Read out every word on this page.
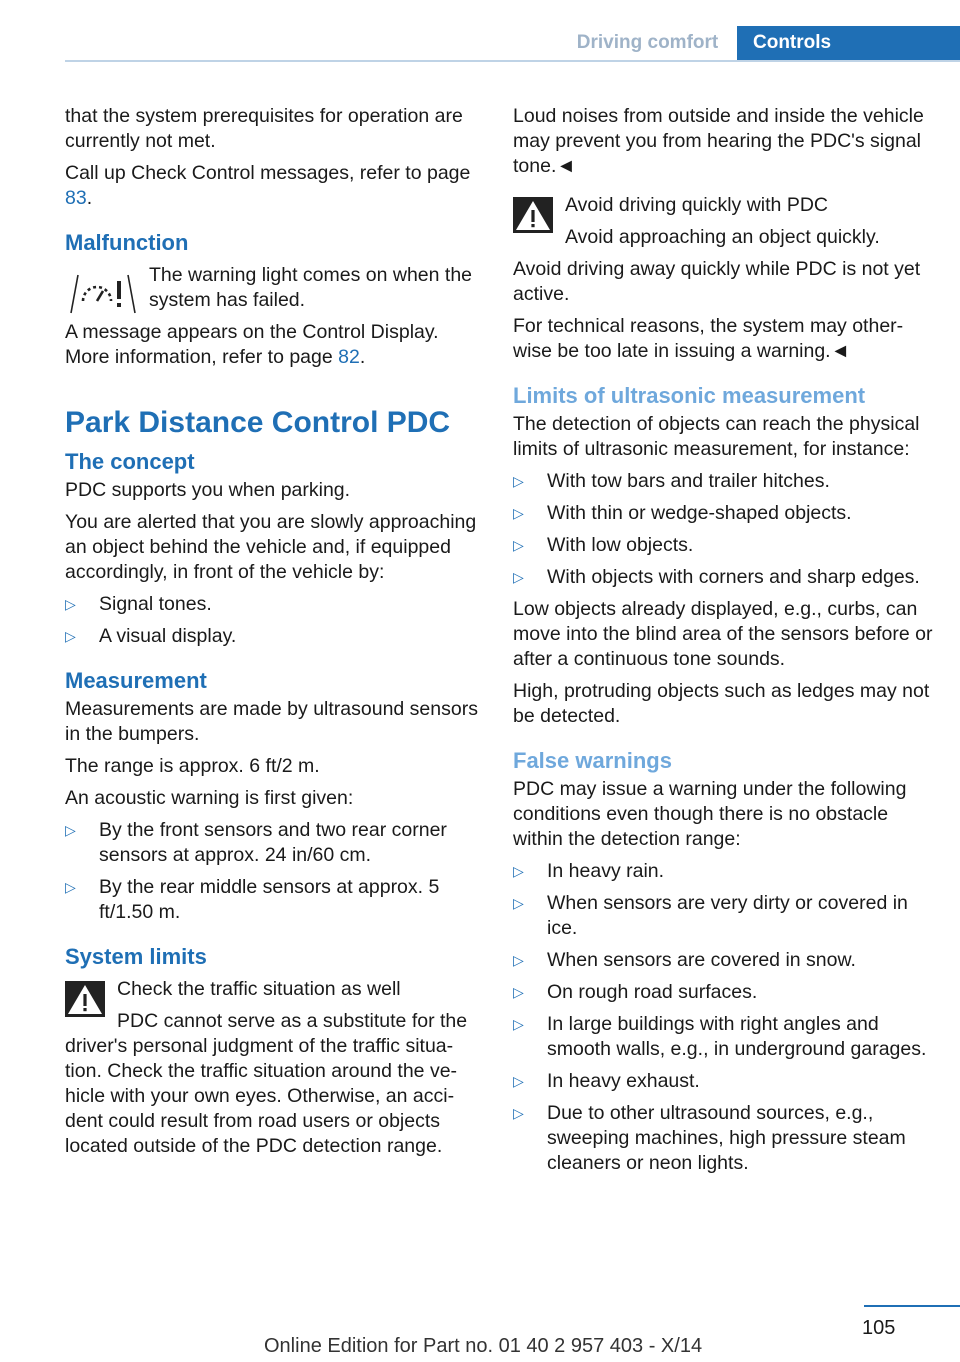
Driving comfort	Controls

that the system prerequisites for operation are currently not met.

Call up Check Control messages, refer to page 83.

Malfunction

The warning light comes on when the system has failed.

A message appears on the Control Display. More information, refer to page 82.

Park Distance Control PDC
The concept

PDC supports you when parking.

You are alerted that you are slowly approaching an object behind the vehicle and, if equipped accordingly, in front of the vehicle by:

▷
Signal tones.
▷
A visual display.
Measurement

Measurements are made by ultrasound sensors in the bumpers.

The range is approx. 6 ft/2 m.

An acoustic warning is first given:

▷
By the front sensors and two rear corner sensors at approx. 24 in/60 cm.
▷
By the rear middle sensors at approx. 5 ft/1.50 m.
System limits

Check the traffic situation as well

PDC cannot serve as a substitute for the driver's personal judgment of the traffic situation. Check the traffic situation around the vehicle with your own eyes. Otherwise, an accident could result from road users or objects located outside of the PDC detection range.

Loud noises from outside and inside the vehicle may prevent you from hearing the PDC's signal tone.◄

Avoid driving quickly with PDC

Avoid approaching an object quickly.

Avoid driving away quickly while PDC is not yet active.

For technical reasons, the system may otherwise be too late in issuing a warning.◄

Limits of ultrasonic measurement

The detection of objects can reach the physical limits of ultrasonic measurement, for instance:

▷
With tow bars and trailer hitches.
▷
With thin or wedge-shaped objects.
▷
With low objects.
▷
With objects with corners and sharp edges.

Low objects already displayed, e.g., curbs, can move into the blind area of the sensors before or after a continuous tone sounds.

High, protruding objects such as ledges may not be detected.

False warnings

PDC may issue a warning under the following conditions even though there is no obstacle within the detection range:

▷
In heavy rain.
▷
When sensors are very dirty or covered in ice.
▷
When sensors are covered in snow.
▷
On rough road surfaces.
▷
In large buildings with right angles and smooth walls, e.g., in underground garages.
▷
In heavy exhaust.
▷
Due to other ultrasound sources, e.g., sweeping machines, high pressure steam cleaners or neon lights.
105
Online Edition for Part no. 01 40 2 957 403 - X/14
